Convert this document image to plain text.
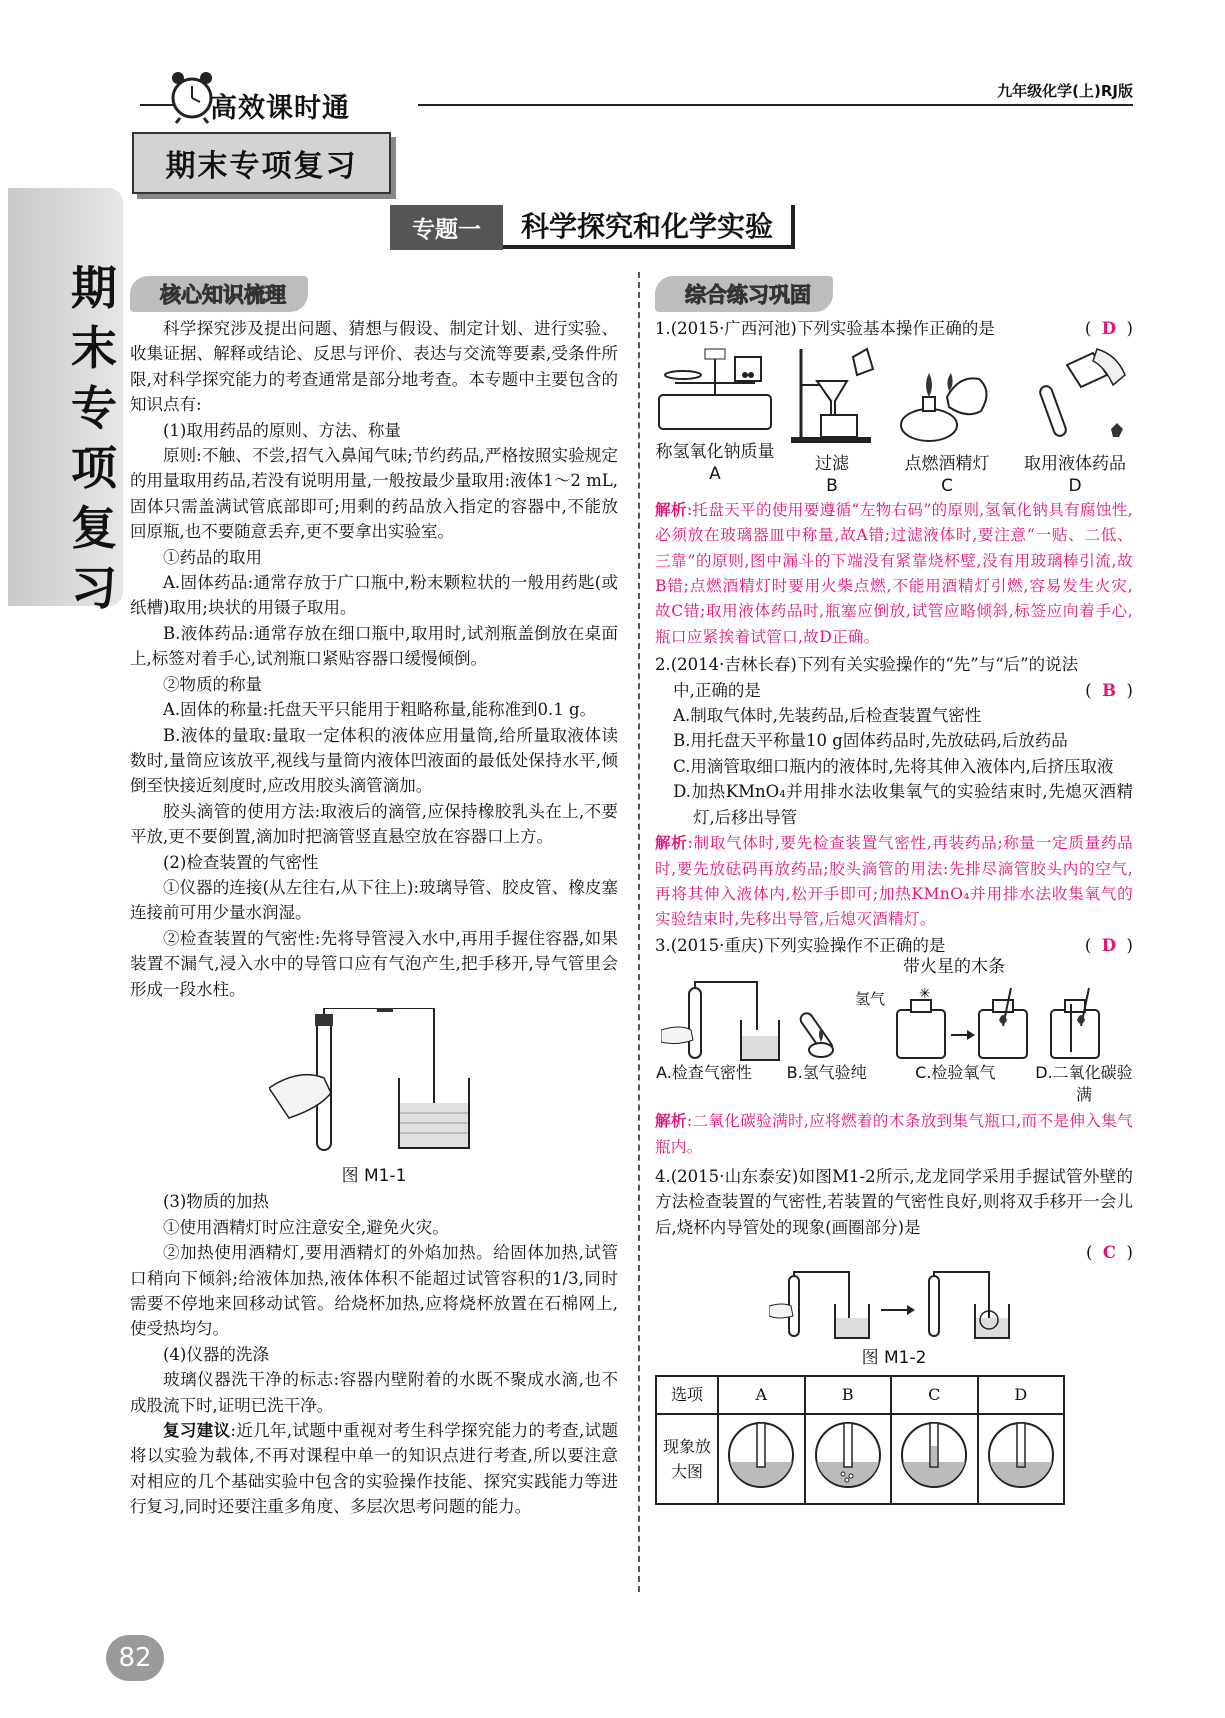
高效课时通
九年级化学(上)RJ版
期末专项复习
期末专项复习
专题一	科学探究和化学实验
核心知识梳理

科学探究涉及提出问题、猜想与假设、制定计划、进行实验、收集证据、解释或结论、反思与评价、表达与交流等要素,受条件所限,对科学探究能力的考查通常是部分地考查。本专题中主要包含的知识点有:

(1)取用药品的原则、方法、称量

原则:不触、不尝,招气入鼻闻气味;节约药品,严格按照实验规定的用量取用药品,若没有说明用量,一般按最少量取用:液体1～2 mL,固体只需盖满试管底部即可;用剩的药品放入指定的容器中,不能放回原瓶,也不要随意丢弃,更不要拿出实验室。

①药品的取用

A.固体药品:通常存放于广口瓶中,粉末颗粒状的一般用药匙(或纸槽)取用;块状的用镊子取用。

B.液体药品:通常存放在细口瓶中,取用时,试剂瓶盖倒放在桌面上,标签对着手心,试剂瓶口紧贴容器口缓慢倾倒。

②物质的称量

A.固体的称量:托盘天平只能用于粗略称量,能称准到0.1 g。

B.液体的量取:量取一定体积的液体应用量筒,给所量取液体读数时,量筒应该放平,视线与量筒内液体凹液面的最低处保持水平,倾倒至快接近刻度时,应改用胶头滴管滴加。

胶头滴管的使用方法:取液后的滴管,应保持橡胶乳头在上,不要平放,更不要倒置,滴加时把滴管竖直悬空放在容器口上方。

(2)检查装置的气密性

①仪器的连接(从左往右,从下往上):玻璃导管、胶皮管、橡皮塞连接前可用少量水润湿。

②检查装置的气密性:先将导管浸入水中,再用手握住容器,如果装置不漏气,浸入水中的导管口应有气泡产生,把手移开,导气管里会形成一段水柱。

图 M1-1

(3)物质的加热

①使用酒精灯时应注意安全,避免火灾。

②加热使用酒精灯,要用酒精灯的外焰加热。给固体加热,试管口稍向下倾斜;给液体加热,液体体积不能超过试管容积的1/3,同时需要不停地来回移动试管。给烧杯加热,应将烧杯放置在石棉网上,使受热均匀。

(4)仪器的洗涤

玻璃仪器洗干净的标志:容器内壁附着的水既不聚成水滴,也不成股流下时,证明已洗干净。

复习建议:近几年,试题中重视对考生科学探究能力的考查,试题将以实验为载体,不再对课程中单一的知识点进行考查,所以要注意对相应的几个基础实验中包含的实验操作技能、探究实践能力等进行复习,同时还要注重多角度、多层次思考问题的能力。

综合练习巩固
1.(2015·广西河池)下列实验基本操作正确的是	(  D  )
称氢氧化钠质量
A	过滤
B
点燃酒精灯
C
取用液体药品
D

解析:托盘天平的使用要遵循“左物右码”的原则,氢氧化钠具有腐蚀性,必须放在玻璃器皿中称量,故A错;过滤液体时,要注意“一贴、二低、三靠”的原则,图中漏斗的下端没有紧靠烧杯壁,没有用玻璃棒引流,故B错;点燃酒精灯时要用火柴点燃,不能用酒精灯引燃,容易发生火灾,故C错;取用液体药品时,瓶塞应倒放,试管应略倾斜,标签应向着手心,瓶口应紧挨着试管口,故D正确。

2.(2014·吉林长春)下列有关实验操作的“先”与“后”的说法

中,正确的是	(  B  )

A.制取气体时,先装药品,后检查装置气密性

B.用托盘天平称量10 g固体药品时,先放砝码,后放药品

C.用滴管取细口瓶内的液体时,先将其伸入液体内,后挤压取液

D.加热KMnO₄并用排水法收集氧气的实验结束时,先熄灭酒精灯,后移出导管

解析:制取气体时,要先检查装置气密性,再装药品;称量一定质量药品时,要先放砝码再放药品;胶头滴管的用法:先排尽滴管胶头内的空气,再将其伸入液体内,松开手即可;加热KMnO₄并用排水法收集氧气的实验结束时,先移出导管,后熄灭酒精灯。

3.(2015·重庆)下列实验操作不正确的是	(  D  )
带火星的木条
氢气 ✳
A.检查气密性	B.氢气验纯	C.检验氧气	D.二氧化碳验满

解析:二氧化碳验满时,应将燃着的木条放到集气瓶口,而不是伸入集气瓶内。

4.(2015·山东泰安)如图M1-2所示,龙龙同学采用手握试管外壁的方法检查装置的气密性,若装置的气密性良好,则将双手移开一会儿后,烧杯内导管处的现象(画圈部分)是

(  C  )
图 M1-2
选项	A	B	C	D
现象放大图				
82
